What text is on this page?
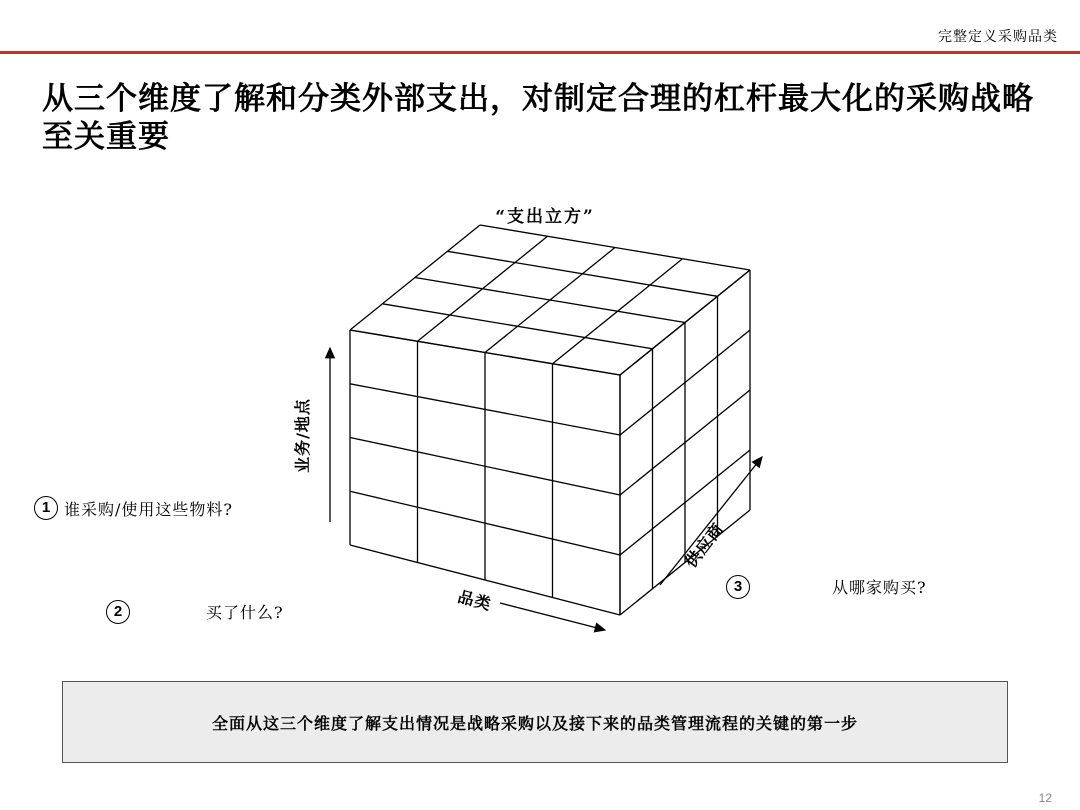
完整定义采购品类
从三个维度了解和分类外部支出，对制定合理的杠杆最大化的采购战略至关重要
“支出立方”
业务/地点
品类
供应商
1 谁采购/使用这些物料?
2	买了什么?
3	从哪家购买?
全面从这三个维度了解支出情况是战略采购以及接下来的品类管理流程的关键的第一步
12
